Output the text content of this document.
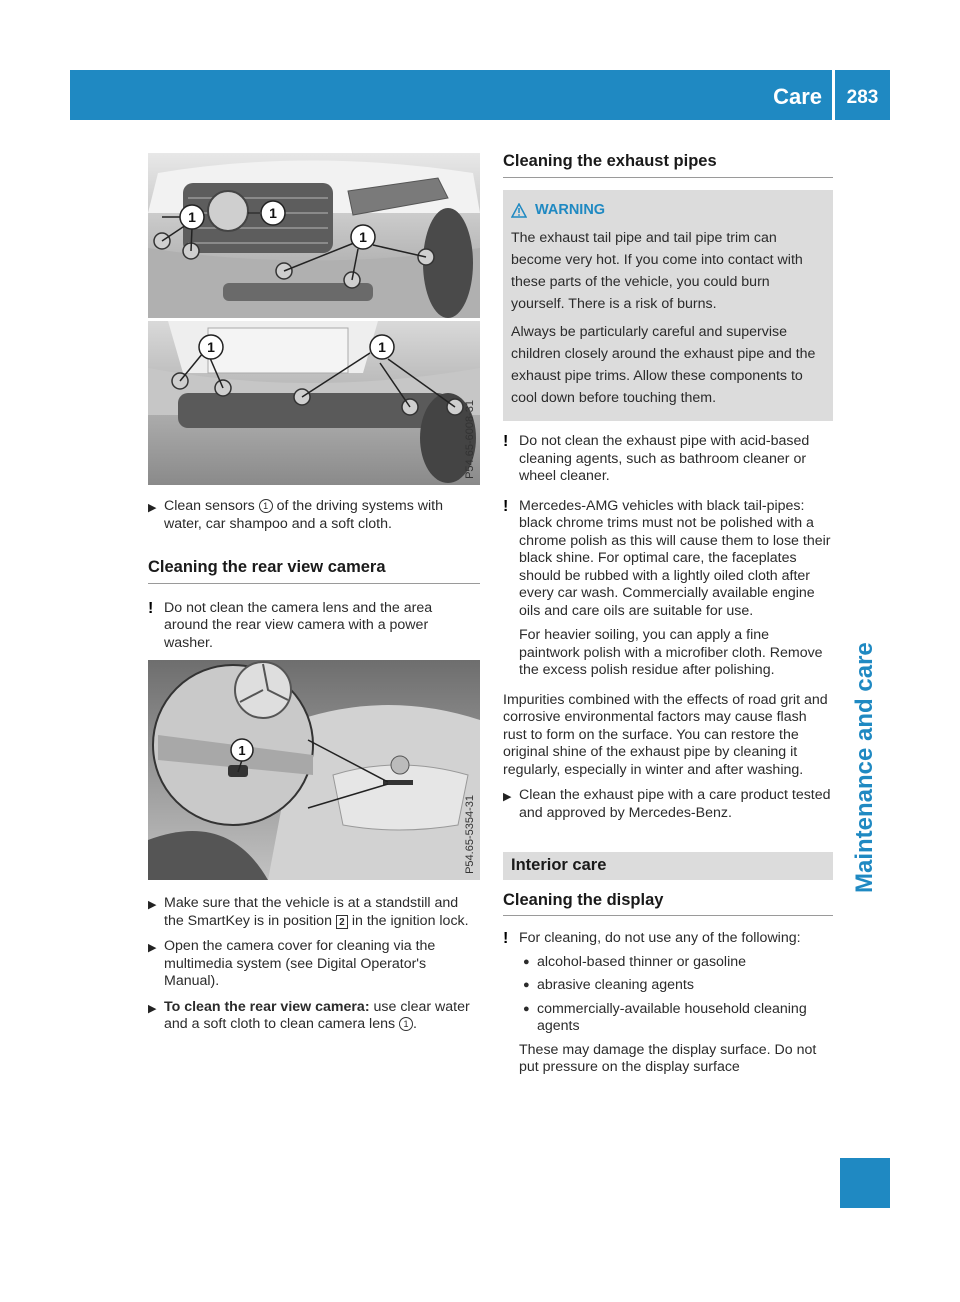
Care	283
Maintenance and care
1	1
1
1	1
P54.65-6008-31
▶ Clean sensors 1 of the driving systems with water, car shampoo and a soft cloth.
Cleaning the rear view camera
! Do not clean the camera lens and the area around the rear view camera with a power washer.

1
P54.65-5354-31
▶ Make sure that the vehicle is at a standstill and the SmartKey is in position 2 in the ignition lock.
▶ Open the camera cover for cleaning via the multimedia system (see Digital Operator's Manual).
▶ To clean the rear view camera: use clear water and a soft cloth to clean camera lens 1 .
Cleaning the exhaust pipes
WARNING

The exhaust tail pipe and tail pipe trim can become very hot. If you come into contact with these parts of the vehicle, you could burn yourself. There is a risk of burns.

Always be particularly careful and supervise children closely around the exhaust pipe and the exhaust pipe trims. Allow these components to cool down before touching them.

! Do not clean the exhaust pipe with acid-based cleaning agents, such as bathroom cleaner or wheel cleaner.

! Mercedes-AMG vehicles with black tail-pipes: black chrome trims must not be polished with a chrome polish as this will cause them to lose their black shine. For optimal care, the faceplates should be rubbed with a lightly oiled cloth after every car wash. Commercially available engine oils and care oils are suitable for use.

For heavier soiling, you can apply a fine paintwork polish with a microfiber cloth. Remove the excess polish residue after polishing.

Impurities combined with the effects of road grit and corrosive environmental factors may cause flash rust to form on the surface. You can restore the original shine of the exhaust pipe by cleaning it regularly, especially in winter and after washing.

▶ Clean the exhaust pipe with a care product tested and approved by Mercedes-Benz.
Interior care
Cleaning the display
! For cleaning, do not use any of the following:

● alcohol-based thinner or gasoline
● abrasive cleaning agents
● commercially-available household cleaning agents

These may damage the display surface. Do not put pressure on the display surface
